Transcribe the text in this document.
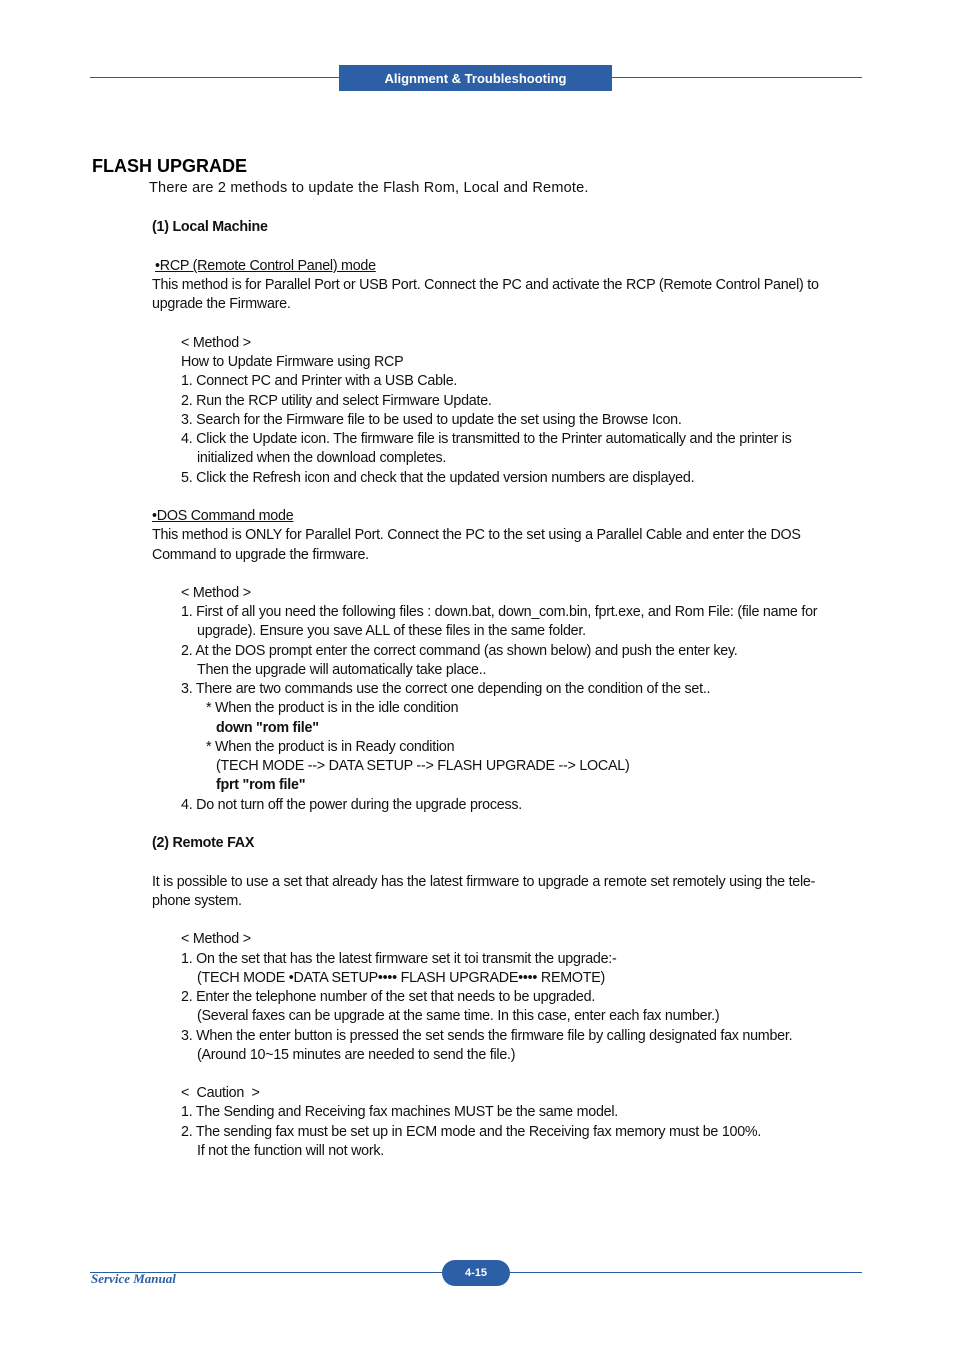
Alignment & Troubleshooting
FLASH UPGRADE
There are 2 methods to update the Flash Rom, Local and Remote.
(1) Local Machine
•RCP (Remote Control Panel) mode
This method is for Parallel Port or USB Port. Connect the PC and activate the RCP (Remote Control Panel) to
upgrade the Firmware.
< Method >
How to Update Firmware using RCP
1. Connect PC and Printer with a USB Cable.
2. Run the RCP utility and select Firmware Update.
3. Search for the Firmware file to be used to update the set using the Browse Icon.
4. Click the Update icon. The firmware file is transmitted to the Printer automatically and the printer is
initialized when the download completes.
5. Click the Refresh icon and check that the updated version numbers are displayed.
•DOS Command mode
This method is ONLY for Parallel Port. Connect the PC to the set using a Parallel Cable and enter the DOS
Command to upgrade the firmware.
< Method >
1. First of all you need the following files : down.bat, down_com.bin, fprt.exe, and Rom File: (file name for
upgrade). Ensure you save ALL of these files in the same folder.
2. At the DOS prompt enter the correct command (as shown below) and push the enter key.
Then the upgrade will automatically take place..
3. There are two commands use the correct one depending on the condition of the set..
* When the product is in the idle condition
down "rom file"
* When the product is in Ready condition
(TECH MODE --> DATA SETUP --> FLASH UPGRADE --> LOCAL)
fprt "rom file"
4. Do not turn off the power during the upgrade process.
(2) Remote FAX
It is possible to use a set that already has the latest firmware to upgrade a remote set remotely using the tele-
phone system.
< Method >
1. On the set that has the latest firmware set it toi transmit the upgrade:-
(TECH MODE •DATA SETUP•••• FLASH UPGRADE•••• REMOTE)
2. Enter the telephone number of the set that needs to be upgraded.
(Several faxes can be upgrade at the same time. In this case, enter each fax number.)
3. When the enter button is pressed the set sends the firmware file by calling designated fax number.
(Around 10~15 minutes are needed to send the file.)
<  Caution  >
1. The Sending and Receiving fax machines MUST be the same model.
2. The sending fax must be set up in ECM mode and the Receiving fax memory must be 100%.
If not the function will not work.
Service Manual	4-15
